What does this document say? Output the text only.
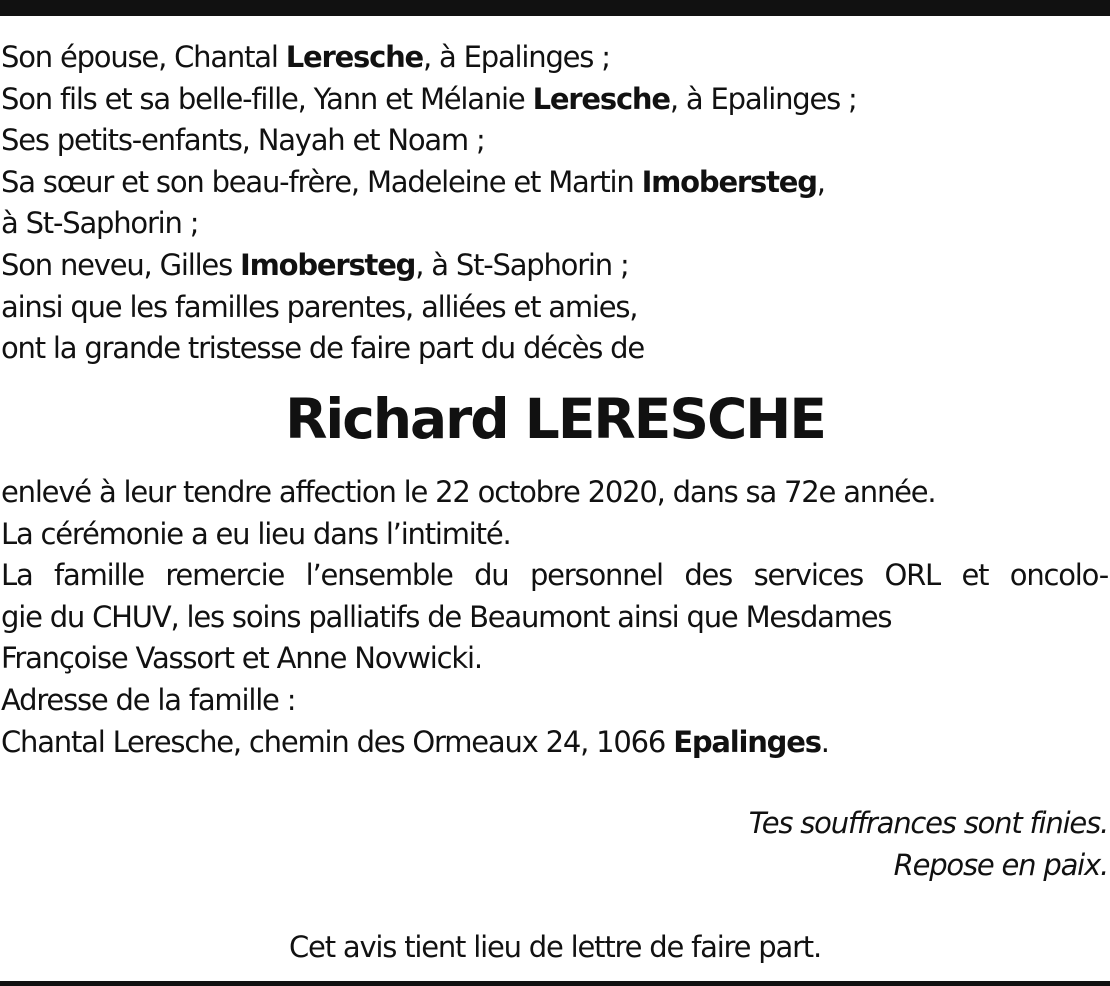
Son épouse, Chantal Leresche, à Epalinges ;
Son fils et sa belle-fille, Yann et Mélanie Leresche, à Epalinges ;
Ses petits-enfants, Nayah et Noam ;
Sa sœur et son beau-frère, Madeleine et Martin Imobersteg,
à St-Saphorin ;
Son neveu, Gilles Imobersteg, à St-Saphorin ;
ainsi que les familles parentes, alliées et amies,
ont la grande tristesse de faire part du décès de
Richard LERESCHE
enlevé à leur tendre affection le 22 octobre 2020, dans sa 72e année.
La cérémonie a eu lieu dans l’intimité.
La famille remercie l’ensemble du personnel des services ORL et oncolo-
gie du CHUV, les soins palliatifs de Beaumont ainsi que Mesdames
Françoise Vassort et Anne Novwicki.
Adresse de la famille :
Chantal Leresche, chemin des Ormeaux 24, 1066 Epalinges.
Tes souffrances sont finies.
Repose en paix.
Cet avis tient lieu de lettre de faire part.
